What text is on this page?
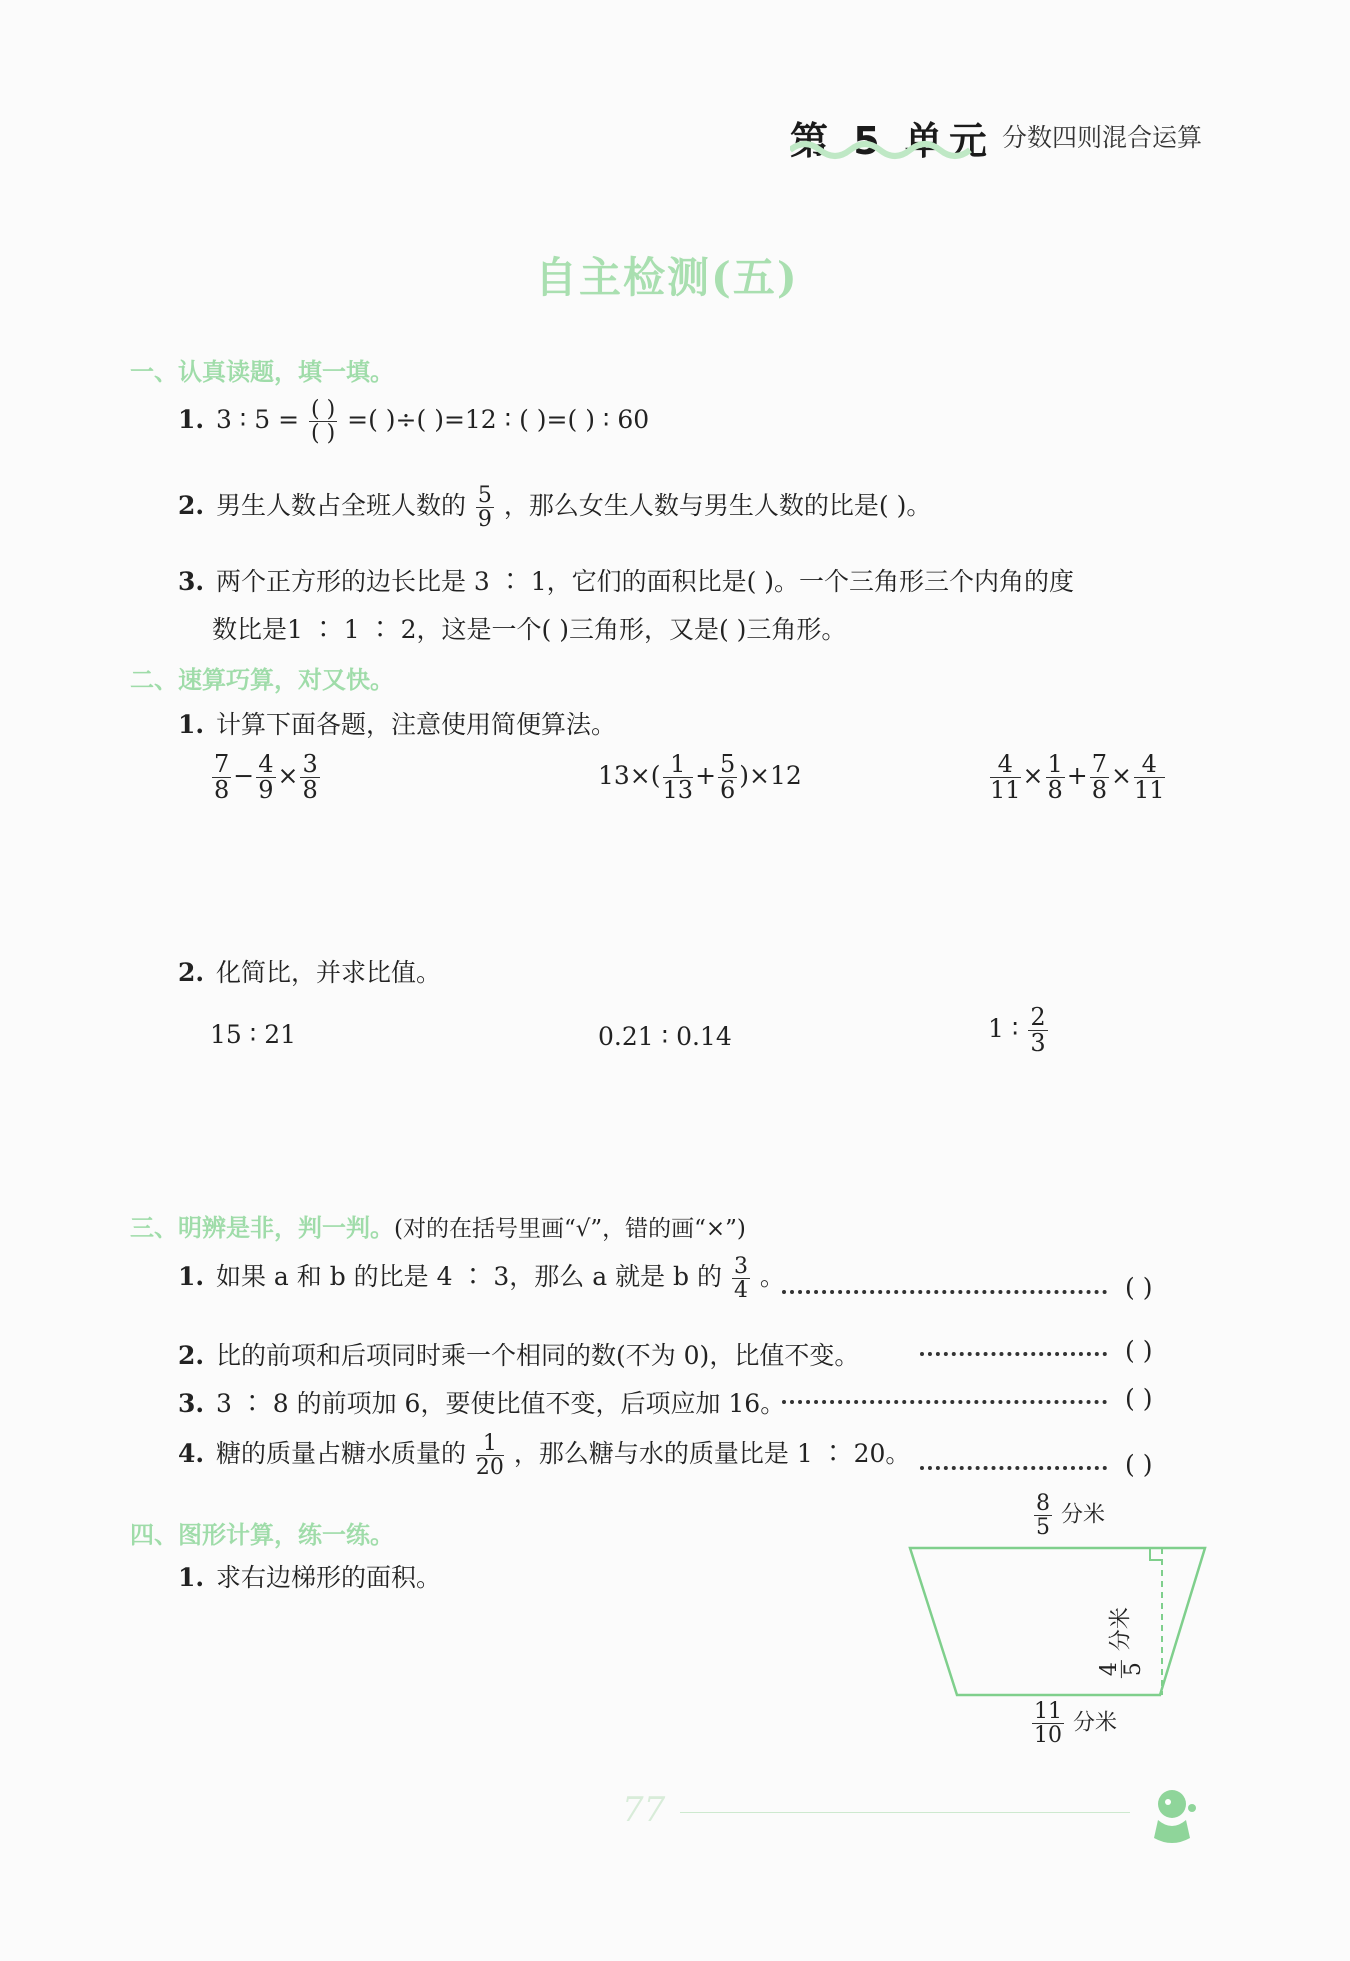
第 5 单元 分数四则混合运算
自主检测(五)
一、认真读题，填一填。
1. 3 ∶ $5 = \frac{( )}{( )}$ =( )÷( )=12 ∶ ( )=( ) ∶ 60
2. 男生人数占全班人数的 $\frac{5}{9}$ ，那么女生人数与男生人数的比是( )。
3. 两个正方形的边长比是 3 ∶ 1，它们的面积比是( )。一个三角形三个内角的度
数比是1 ∶ 1 ∶ 2，这是一个( )三角形，又是( )三角形。
二、速算巧算，对又快。
1. 计算下面各题，注意使用简便算法。
$\frac{7}{8} - \frac{4}{9} \times \frac{3}{8}$	$13\times( \frac{1}{13} + \frac{5}{6} )\times 12$	$\frac{4}{11} \times \frac{1}{8} + \frac{7}{8} \times \frac{4}{11}$
2. 化简比，并求比值。
15 ∶ 21	0.21 ∶ 0.14	1 ∶ $\frac{2}{3}$
三、明辨是非，判一判。(对的在括号里画“√”，错的画“×”)
1. 如果 a 和 b 的比是 4 ∶ 3，那么 a 就是 b 的 $\frac{3}{4}$ 。	( )
2. 比的前项和后项同时乘一个相同的数(不为 0)，比值不变。	( )
3. 3 ∶ 8 的前项加 6，要使比值不变，后项应加 16。	( )
4. 糖的质量占糖水质量的 $\frac{1}{20}$ ，那么糖与水的质量比是 1 ∶ 20。	( )
四、图形计算，练一练。
1. 求右边梯形的面积。
$\frac{8}{5}$ 分米
4 5
分米
$\frac{11}{10}$ 分米
77
